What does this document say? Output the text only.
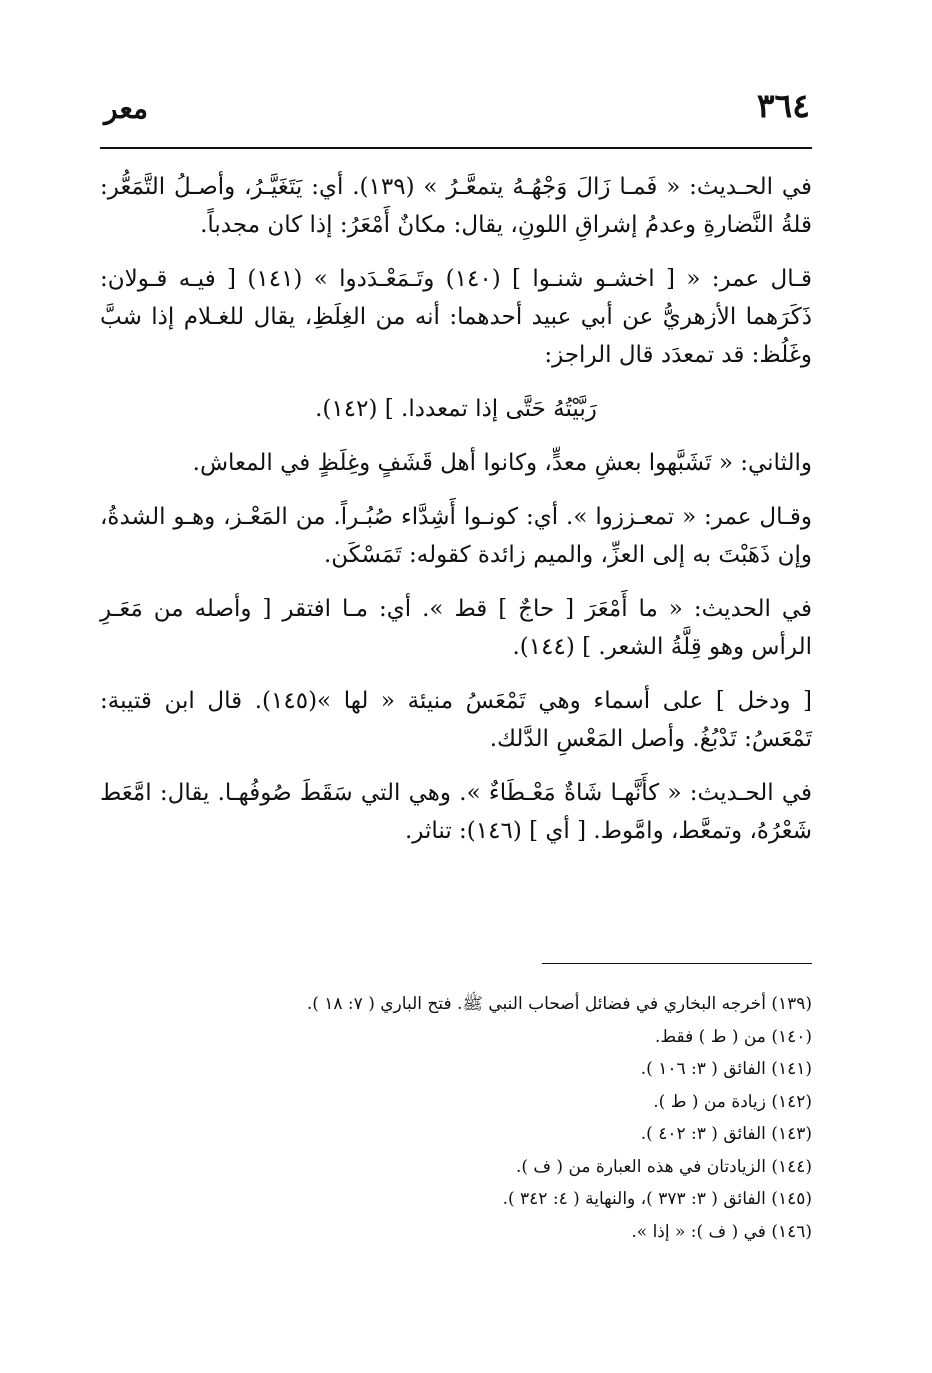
٣٦٤
معر

في الحـديث: « فَمـا زَالَ وَجْهُـهُ يتمعَّـرُ » (١٣٩). أي: يَتَغَيَّـرُ، وأصـلُ التَّمَعُّر: قلةُ النَّضارةِ وعدمُ إشراقِ اللونِ، يقال: مكانٌ أَمْعَرُ: إذا كان مجدباً.

قـال عمر: « [ اخشـو شنـوا ] (١٤٠) وتَـمَعْـدَدوا » (١٤١) [ فيـه قـولان: ذَكَرَهما الأزهريُّ عن أبي عبيد أحدهما: أنه من الغِلَظِ، يقال للغـلام إذا شبَّ وغَلُظ: قد تمعدَد قال الراجز:

رَبَّيْتُهُ حَتَّى إذا تمعددا. ] (١٤٢).

والثاني: « تَشَبَّهوا بعشِ معدٍّ، وكانوا أهل قَشَفٍ وغِلَظٍ في المعاش.

وقـال عمر: « تمعـززوا ». أي: كونـوا أَشِدَّاء صُبُـراً. من المَعْـز، وهـو الشدةُ، وإن ذَهَبْتَ به إلى العزِّ، والميم زائدة كقوله: تَمَسْكَن.

في الحديث: « ما أَمْعَرَ [ حاجٌ ] قط ». أي: مـا افتقر [ وأصله من مَعَـرِ الرأس وهو قِلَّةُ الشعر. ] (١٤٤).

[ ودخل ] على أسماء وهي تَمْعَسُ منيئة « لها »(١٤٥). قال ابن قتيبة: تَمْعَسُ: تَدْبُغُ. وأصل المَعْسِ الدَّلك.

في الحـديث: « كأَنَّهـا شَاةٌ مَعْـطَاءٌ ». وهي التي سَقَطَ صُوفُهـا. يقال: امَّعَط شَعْرُهُ، وتمعَّط، وامَّوط. [ أي ] (١٤٦): تناثر.

(١٣٩) أخرجه البخاري في فضائل أصحاب النبي ﷺ. فتح الباري ( ٧: ١٨ ).
(١٤٠) من ( ط ) فقط.
(١٤١) الفائق ( ٣: ١٠٦ ).
(١٤٢) زيادة من ( ط ).
(١٤٣) الفائق ( ٣: ٤٠٢ ).
(١٤٤) الزيادتان في هذه العبارة من ( ف ).
(١٤٥) الفائق ( ٣: ٣٧٣ )، والنهاية ( ٤: ٣٤٢ ).
(١٤٦) في ( ف ): « إذا ».
